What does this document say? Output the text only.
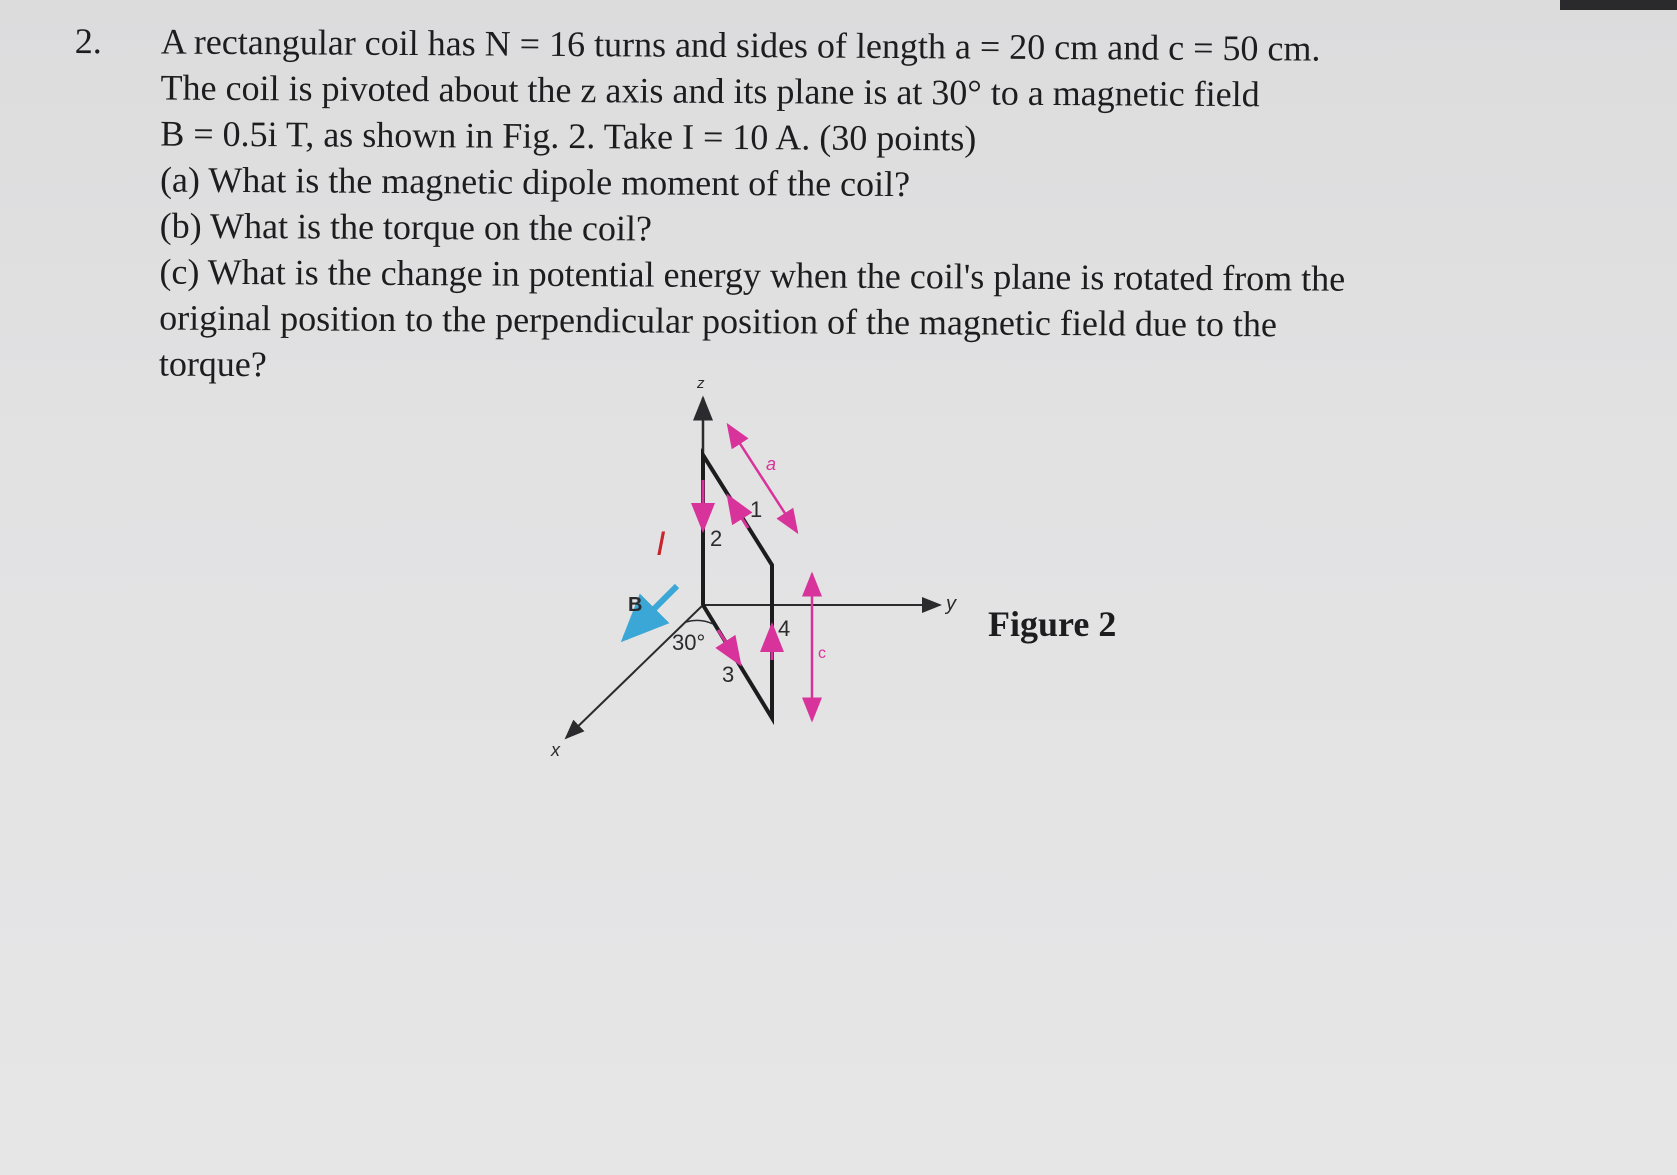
2. A rectangular coil has N = 16 turns and sides of length a = 20 cm and c = 50 cm.
The coil is pivoted about the z axis and its plane is at 30° to a magnetic field
B = 0.5i T, as shown in Fig. 2. Take I = 10 A. (30 points)
(a) What is the magnetic dipole moment of the coil?
(b) What is the torque on the coil?
(c) What is the change in potential energy when the coil's plane is rotated from the
original position to the perpendicular position of the magnetic field due to the
torque?	z
y
x
I
B
30°
a
c
1
2
3
4	Figure 2
